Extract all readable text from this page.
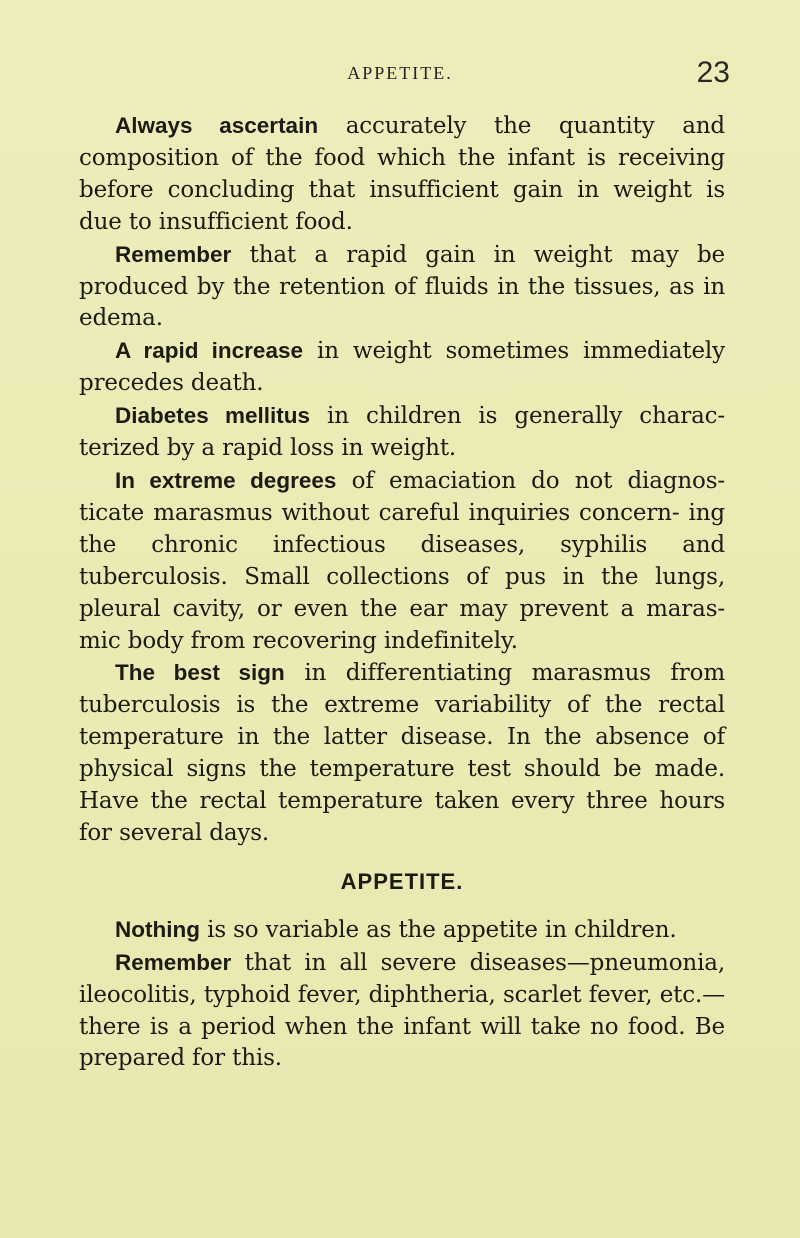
APPETITE.	23

Always ascertain accurately the quantity and composition of the food which the infant is receiving before concluding that insufficient gain in weight is due to insufficient food.

Remember that a rapid gain in weight may be produced by the retention of fluids in the tissues, as in edema.

A rapid increase in weight sometimes immediately precedes death.

Diabetes mellitus in children is generally charac- terized by a rapid loss in weight.

In extreme degrees of emaciation do not diagnos- ticate marasmus without careful inquiries concern- ing the chronic infectious diseases, syphilis and tuberculosis. Small collections of pus in the lungs, pleural cavity, or even the ear may prevent a maras- mic body from recovering indefinitely.

The best sign in differentiating marasmus from tuberculosis is the extreme variability of the rectal temperature in the latter disease. In the absence of physical signs the temperature test should be made. Have the rectal temperature taken every three hours for several days.

APPETITE.

Nothing is so variable as the appetite in children.

Remember that in all severe diseases—pneumonia, ileocolitis, typhoid fever, diphtheria, scarlet fever, etc.—there is a period when the infant will take no food. Be prepared for this.
